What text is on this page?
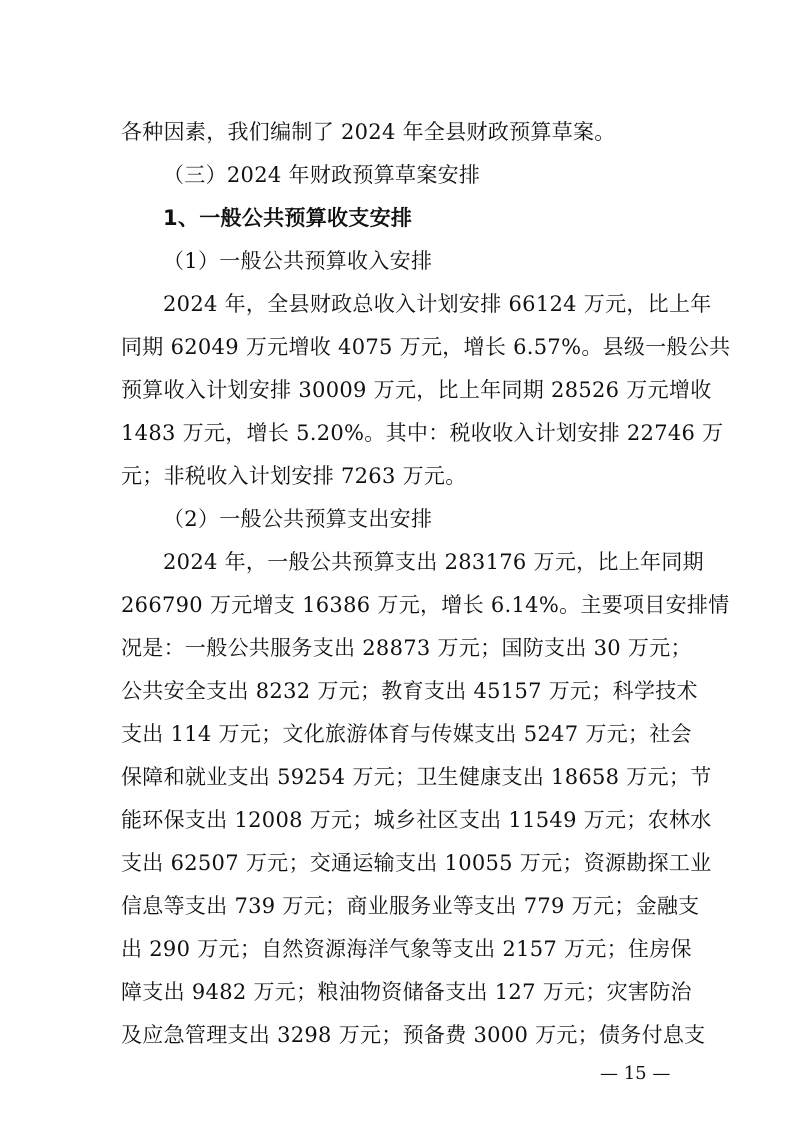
各种因素，我们编制了 2024 年全县财政预算草案。
（三）2024 年财政预算草案安排
1、一般公共预算收支安排
（1）一般公共预算收入安排
2024 年，全县财政总收入计划安排 66124 万元，比上年
同期 62049 万元增收 4075 万元，增长 6.57%。县级一般公共
预算收入计划安排 30009 万元，比上年同期 28526 万元增收
1483 万元，增长 5.20%。其中：税收收入计划安排 22746 万
元；非税收入计划安排 7263 万元。
（2）一般公共预算支出安排
2024 年，一般公共预算支出 283176 万元，比上年同期
266790 万元增支 16386 万元，增长 6.14%。主要项目安排情
况是：一般公共服务支出 28873 万元；国防支出 30 万元；
公共安全支出 8232 万元；教育支出 45157 万元；科学技术
支出 114 万元；文化旅游体育与传媒支出 5247 万元；社会
保障和就业支出 59254 万元；卫生健康支出 18658 万元；节
能环保支出 12008 万元；城乡社区支出 11549 万元；农林水
支出 62507 万元；交通运输支出 10055 万元；资源勘探工业
信息等支出 739 万元；商业服务业等支出 779 万元；金融支
出 290 万元；自然资源海洋气象等支出 2157 万元；住房保
障支出 9482 万元；粮油物资储备支出 127 万元；灾害防治
及应急管理支出 3298 万元；预备费 3000 万元；债务付息支
— 15 —
